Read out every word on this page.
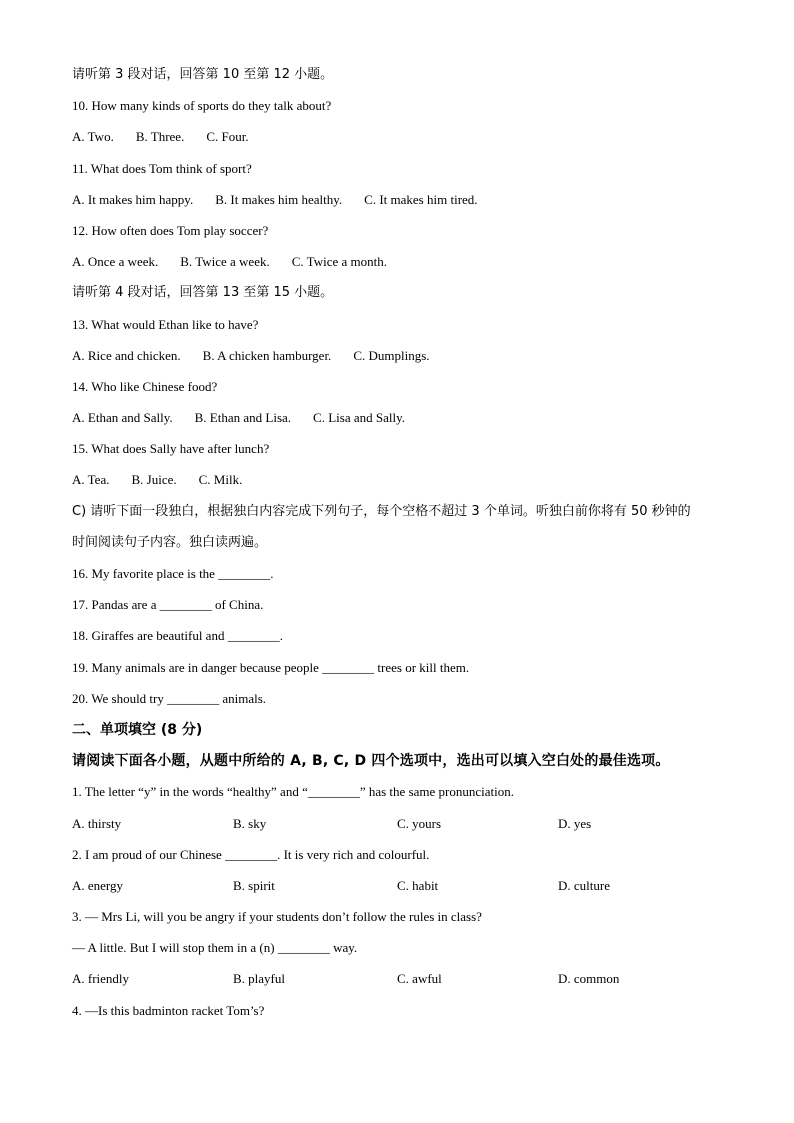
请听第 3 段对话，回答第 10 至第 12 小题。
10. How many kinds of sports do they talk about?
A. Two. B. Three. C. Four.
11. What does Tom think of sport?
A. It makes him happy. B. It makes him healthy. C. It makes him tired.
12. How often does Tom play soccer?
A. Once a week. B. Twice a week. C. Twice a month.
请听第 4 段对话，回答第 13 至第 15 小题。
13. What would Ethan like to have?
A. Rice and chicken. B. A chicken hamburger. C. Dumplings.
14. Who like Chinese food?
A. Ethan and Sally. B. Ethan and Lisa. C. Lisa and Sally.
15. What does Sally have after lunch?
A. Tea. B. Juice. C. Milk.
C) 请听下面一段独白，根据独白内容完成下列句子，每个空格不超过 3 个单词。听独白前你将有 50 秒钟的
时间阅读句子内容。独白读两遍。
16. My favorite place is the ________.
17. Pandas are a ________ of China.
18. Giraffes are beautiful and ________.
19. Many animals are in danger because people ________ trees or kill them.
20. We should try ________ animals.
二、单项填空 (8 分)
请阅读下面各小题，从题中所给的 A, B, C, D 四个选项中，选出可以填入空白处的最佳选项。
1. The letter “y” in the words “healthy” and “________” has the same pronunciation.
A. thirsty	B. sky	C. yours	D. yes
2. I am proud of our Chinese ________. It is very rich and colourful.
A. energy	B. spirit	C. habit	D. culture
3. — Mrs Li, will you be angry if your students don’t follow the rules in class?
— A little. But I will stop them in a (n) ________ way.
A. friendly	B. playful	C. awful	D. common
4. —Is this badminton racket Tom’s?
